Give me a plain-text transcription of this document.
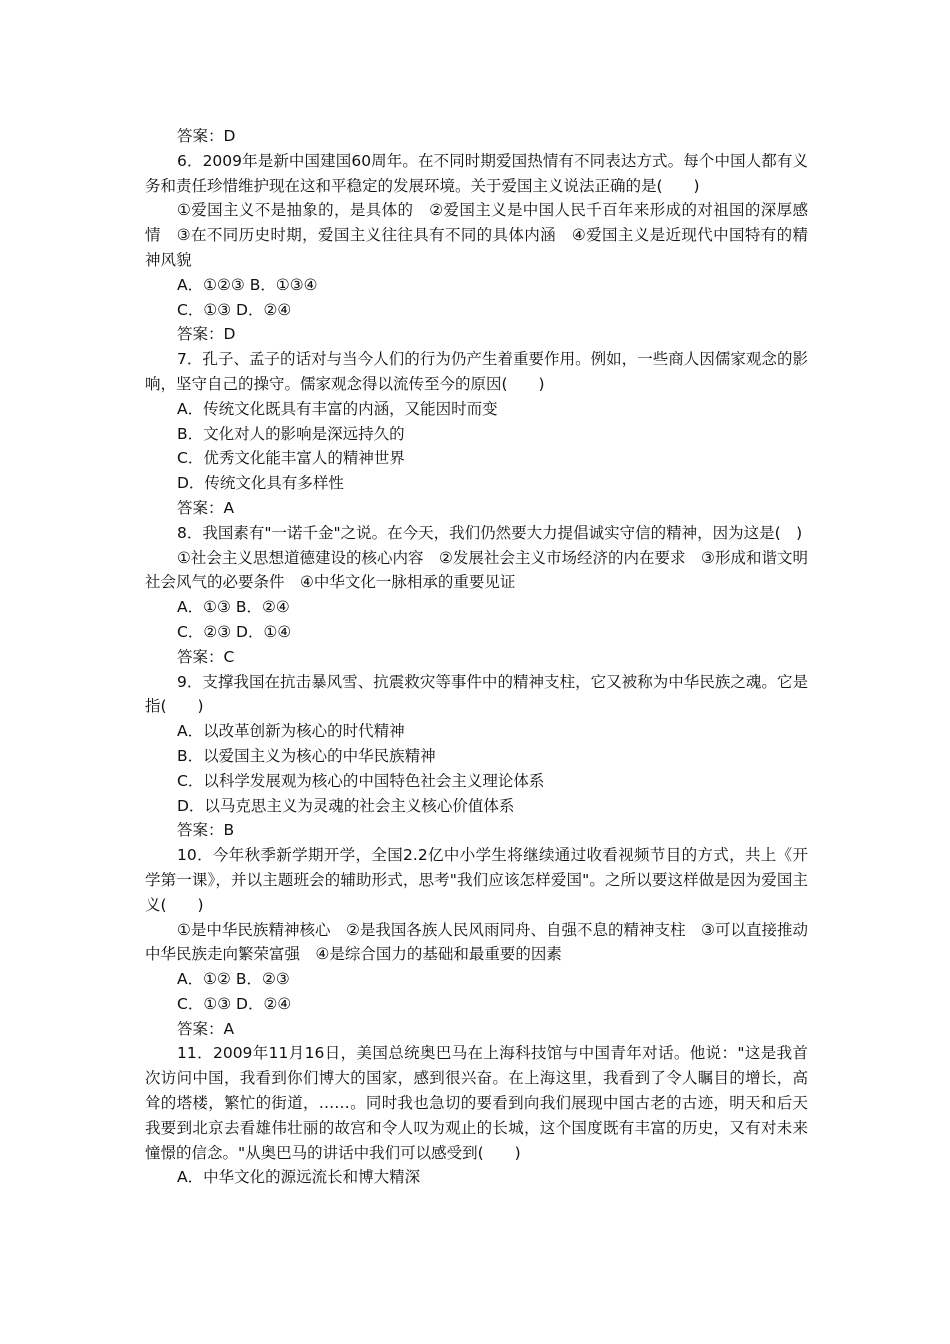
答案：D

6．2009年是新中国建国60周年。在不同时期爱国热情有不同表达方式。每个中国人都有义务和责任珍惜维护现在这和平稳定的发展环境。关于爱国主义说法正确的是(　　)

①爱国主义不是抽象的，是具体的　②爱国主义是中国人民千百年来形成的对祖国的深厚感情　③在不同历史时期，爱国主义往往具有不同的具体内涵　④爱国主义是近现代中国特有的精神风貌

A．①②③ B．①③④

C．①③ D．②④

答案：D

7．孔子、孟子的话对与当今人们的行为仍产生着重要作用。例如，一些商人因儒家观念的影响，坚守自己的操守。儒家观念得以流传至今的原因(　　)

A．传统文化既具有丰富的内涵，又能因时而变

B．文化对人的影响是深远持久的

C．优秀文化能丰富人的精神世界

D．传统文化具有多样性

答案：A

8．我国素有"一诺千金"之说。在今天，我们仍然要大力提倡诚实守信的精神，因为这是(　)

①社会主义思想道德建设的核心内容　②发展社会主义市场经济的内在要求　③形成和谐文明社会风气的必要条件　④中华文化一脉相承的重要见证

A．①③ B．②④

C．②③ D．①④

答案：C

9．支撑我国在抗击暴风雪、抗震救灾等事件中的精神支柱，它又被称为中华民族之魂。它是指(　　)

A．以改革创新为核心的时代精神

B．以爱国主义为核心的中华民族精神

C．以科学发展观为核心的中国特色社会主义理论体系

D．以马克思主义为灵魂的社会主义核心价值体系

答案：B

10．今年秋季新学期开学，全国2.2亿中小学生将继续通过收看视频节目的方式，共上《开学第一课》，并以主题班会的辅助形式，思考"我们应该怎样爱国"。之所以要这样做是因为爱国主义(　　)

①是中华民族精神核心　②是我国各族人民风雨同舟、自强不息的精神支柱　③可以直接推动中华民族走向繁荣富强　④是综合国力的基础和最重要的因素

A．①② B．②③

C．①③ D．②④

答案：A

11．2009年11月16日，美国总统奥巴马在上海科技馆与中国青年对话。他说："这是我首次访问中国，我看到你们博大的国家，感到很兴奋。在上海这里，我看到了令人瞩目的增长，高耸的塔楼，繁忙的街道，……。同时我也急切的要看到向我们展现中国古老的古迹，明天和后天我要到北京去看雄伟壮丽的故宫和令人叹为观止的长城，这个国度既有丰富的历史，又有对未来憧憬的信念。"从奥巴马的讲话中我们可以感受到(　　)

A．中华文化的源远流长和博大精深
